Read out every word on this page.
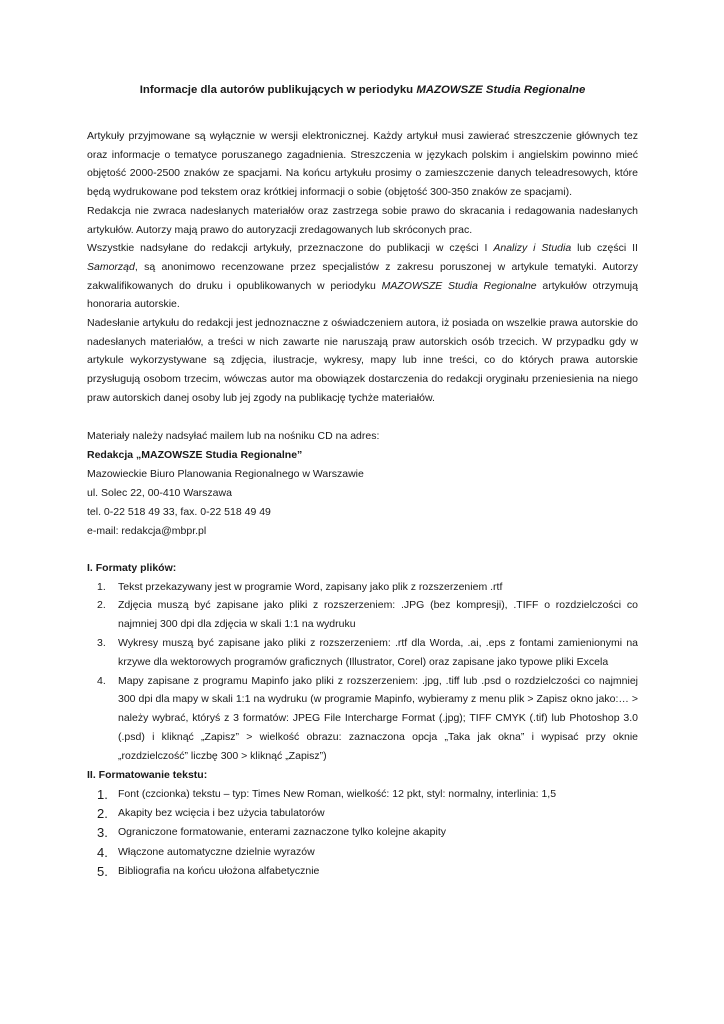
Informacje dla autorów publikujących w periodyku MAZOWSZE Studia Regionalne

Artykuły przyjmowane są wyłącznie w wersji elektronicznej. Każdy artykuł musi zawierać streszczenie głównych tez oraz informacje o tematyce poruszanego zagadnienia. Streszczenia w językach polskim i angielskim powinno mieć objętość 2000-2500 znaków ze spacjami. Na końcu artykułu prosimy o zamieszczenie danych teleadresowych, które będą wydrukowane pod tekstem oraz krótkiej informacji o sobie (objętość 300-350 znaków ze spacjami).

Redakcja nie zwraca nadesłanych materiałów oraz zastrzega sobie prawo do skracania i redagowania nadesłanych artykułów. Autorzy mają prawo do autoryzacji zredagowanych lub skróconych prac.

Wszystkie nadsyłane do redakcji artykuły, przeznaczone do publikacji w części I Analizy i Studia lub części II Samorząd, są anonimowo recenzowane przez specjalistów z zakresu poruszonej w artykule tematyki. Autorzy zakwalifikowanych do druku i opublikowanych w periodyku MAZOWSZE Studia Regionalne artykułów otrzymują honoraria autorskie.

Nadesłanie artykułu do redakcji jest jednoznaczne z oświadczeniem autora, iż posiada on wszelkie prawa autorskie do nadesłanych materiałów, a treści w nich zawarte nie naruszają praw autorskich osób trzecich. W przypadku gdy w artykule wykorzystywane są zdjęcia, ilustracje, wykresy, mapy lub inne treści, co do których prawa autorskie przysługują osobom trzecim, wówczas autor ma obowiązek dostarczenia do redakcji oryginału przeniesienia na niego praw autorskich danej osoby lub jej zgody na publikację tychże materiałów.

Materiały należy nadsyłać mailem lub na nośniku CD na adres:

Redakcja „MAZOWSZE Studia Regionalne”

Mazowieckie Biuro Planowania Regionalnego w Warszawie

ul. Solec 22, 00-410 Warszawa

tel. 0-22 518 49 33, fax. 0-22 518 49 49

e-mail: redakcja@mbpr.pl

I. Formaty plików:
1. Tekst przekazywany jest w programie Word, zapisany jako plik z rozszerzeniem .rtf
2. Zdjęcia muszą być zapisane jako pliki z rozszerzeniem: .JPG (bez kompresji), .TIFF o rozdzielczości co najmniej 300 dpi dla zdjęcia w skali 1:1 na wydruku
3. Wykresy muszą być zapisane jako pliki z rozszerzeniem: .rtf dla Worda, .ai, .eps z fontami zamienionymi na krzywe dla wektorowych programów graficznych (Illustrator, Corel) oraz zapisane jako typowe pliki Excela
4. Mapy zapisane z programu Mapinfo jako pliki z rozszerzeniem: .jpg, .tiff lub .psd o rozdzielczości co najmniej 300 dpi dla mapy w skali 1:1 na wydruku (w programie Mapinfo, wybieramy z menu plik > Zapisz okno jako:… > należy wybrać, któryś z 3 formatów: JPEG File Intercharge Format (.jpg); TIFF CMYK (.tif) lub Photoshop 3.0 (.psd) i kliknąć „Zapisz” > wielkość obrazu: zaznaczona opcja „Taka jak okna” i wypisać przy oknie „rozdzielczość” liczbę 300 > kliknąć „Zapisz”)
II. Formatowanie tekstu:
1. Font (czcionka) tekstu – typ: Times New Roman, wielkość: 12 pkt, styl: normalny, interlinia: 1,5
2. Akapity bez wcięcia i bez użycia tabulatorów
3. Ograniczone formatowanie, enterami zaznaczone tylko kolejne akapity
4. Włączone automatyczne dzielnie wyrazów
5. Bibliografia na końcu ułożona alfabetycznie
